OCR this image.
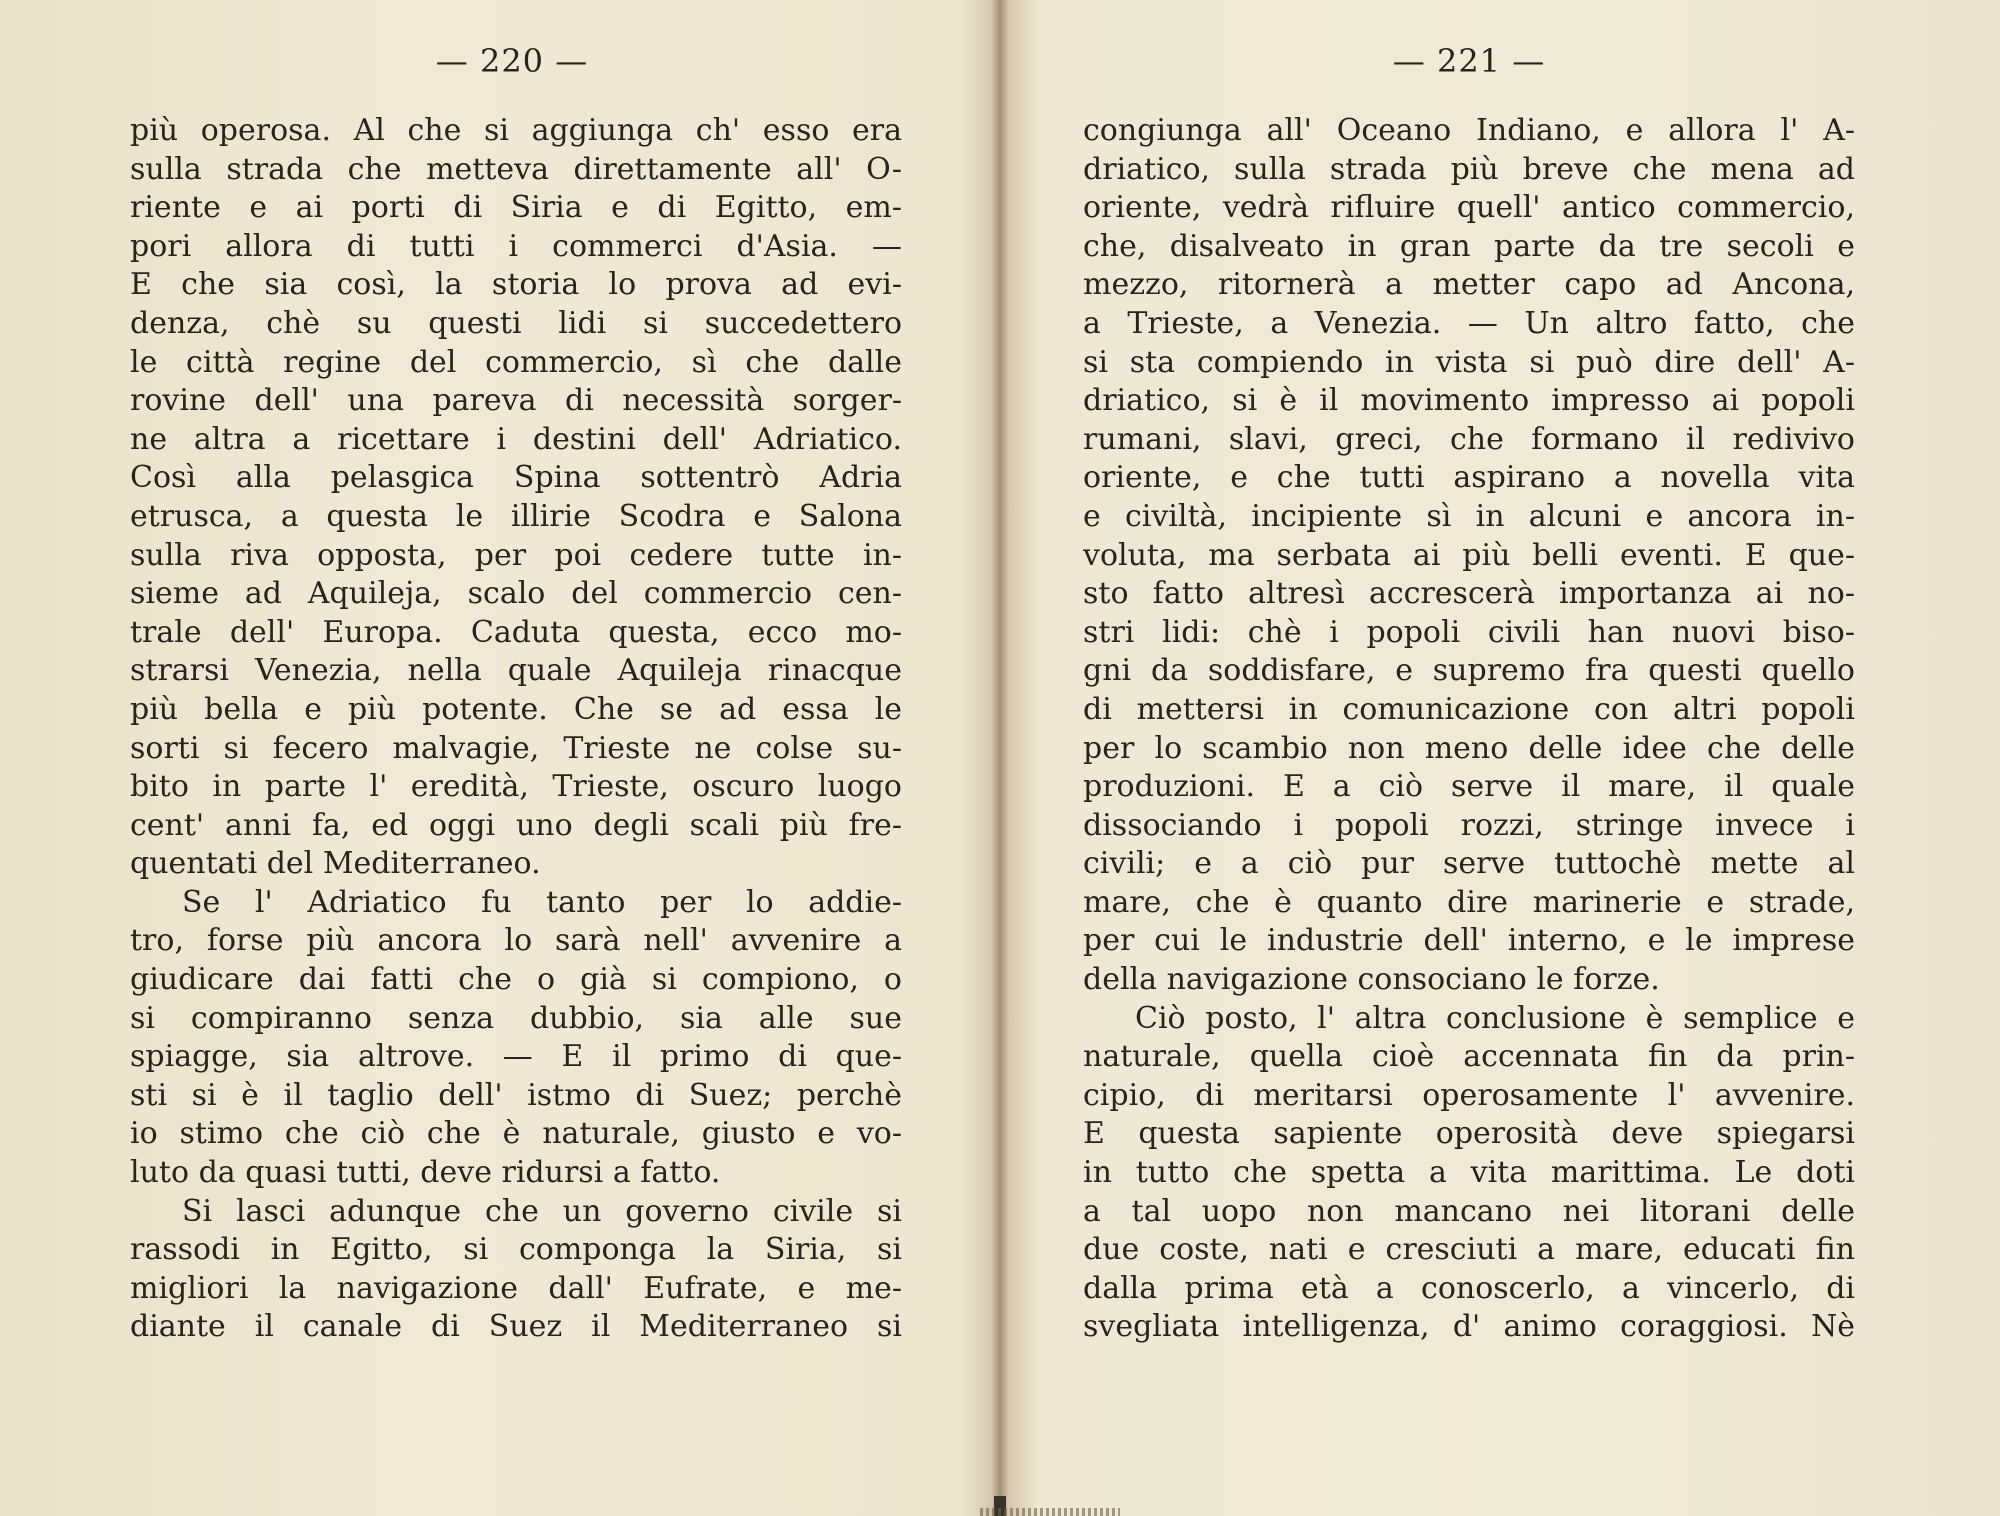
— 220 —
più operosa. Al che si aggiunga ch' esso era
sulla strada che metteva direttamente all' O-
riente e ai porti di Siria e di Egitto, em-
pori allora di tutti i commerci d'Asia. —
E che sia così, la storia lo prova ad evi-
denza, chè su questi lidi si succedettero
le città regine del commercio, sì che dalle
rovine dell' una pareva di necessità sorger-
ne altra a ricettare i destini dell' Adriatico.
Così alla pelasgica Spina sottentrò Adria
etrusca, a questa le illirie Scodra e Salona
sulla riva opposta, per poi cedere tutte in-
sieme ad Aquileja, scalo del commercio cen-
trale dell' Europa. Caduta questa, ecco mo-
strarsi Venezia, nella quale Aquileja rinacque
più bella e più potente. Che se ad essa le
sorti si fecero malvagie, Trieste ne colse su-
bito in parte l' eredità, Trieste, oscuro luogo
cent' anni fa, ed oggi uno degli scali più fre-
quentati del Mediterraneo.
Se l' Adriatico fu tanto per lo addie-
tro, forse più ancora lo sarà nell' avvenire a
giudicare dai fatti che o già si compiono, o
si compiranno senza dubbio, sia alle sue
spiagge, sia altrove. — E il primo di que-
sti si è il taglio dell' istmo di Suez; perchè
io stimo che ciò che è naturale, giusto e vo-
luto da quasi tutti, deve ridursi a fatto.
Si lasci adunque che un governo civile si
rassodi in Egitto, si componga la Siria, si
migliori la navigazione dall' Eufrate, e me-
diante il canale di Suez il Mediterraneo si
— 221 —
congiunga all' Oceano Indiano, e allora l' A-
driatico, sulla strada più breve che mena ad
oriente, vedrà rifluire quell' antico commercio,
che, disalveato in gran parte da tre secoli e
mezzo, ritornerà a metter capo ad Ancona,
a Trieste, a Venezia. — Un altro fatto, che
si sta compiendo in vista si può dire dell' A-
driatico, si è il movimento impresso ai popoli
rumani, slavi, greci, che formano il redivivo
oriente, e che tutti aspirano a novella vita
e civiltà, incipiente sì in alcuni e ancora in-
voluta, ma serbata ai più belli eventi. E que-
sto fatto altresì accrescerà importanza ai no-
stri lidi: chè i popoli civili han nuovi biso-
gni da soddisfare, e supremo fra questi quello
di mettersi in comunicazione con altri popoli
per lo scambio non meno delle idee che delle
produzioni. E a ciò serve il mare, il quale
dissociando i popoli rozzi, stringe invece i
civili; e a ciò pur serve tuttochè mette al
mare, che è quanto dire marinerie e strade,
per cui le industrie dell' interno, e le imprese
della navigazione consociano le forze.
Ciò posto, l' altra conclusione è semplice e
naturale, quella cioè accennata fin da prin-
cipio, di meritarsi operosamente l' avvenire.
E questa sapiente operosità deve spiegarsi
in tutto che spetta a vita marittima. Le doti
a tal uopo non mancano nei litorani delle
due coste, nati e cresciuti a mare, educati fin
dalla prima età a conoscerlo, a vincerlo, di
svegliata intelligenza, d' animo coraggiosi. Nè
